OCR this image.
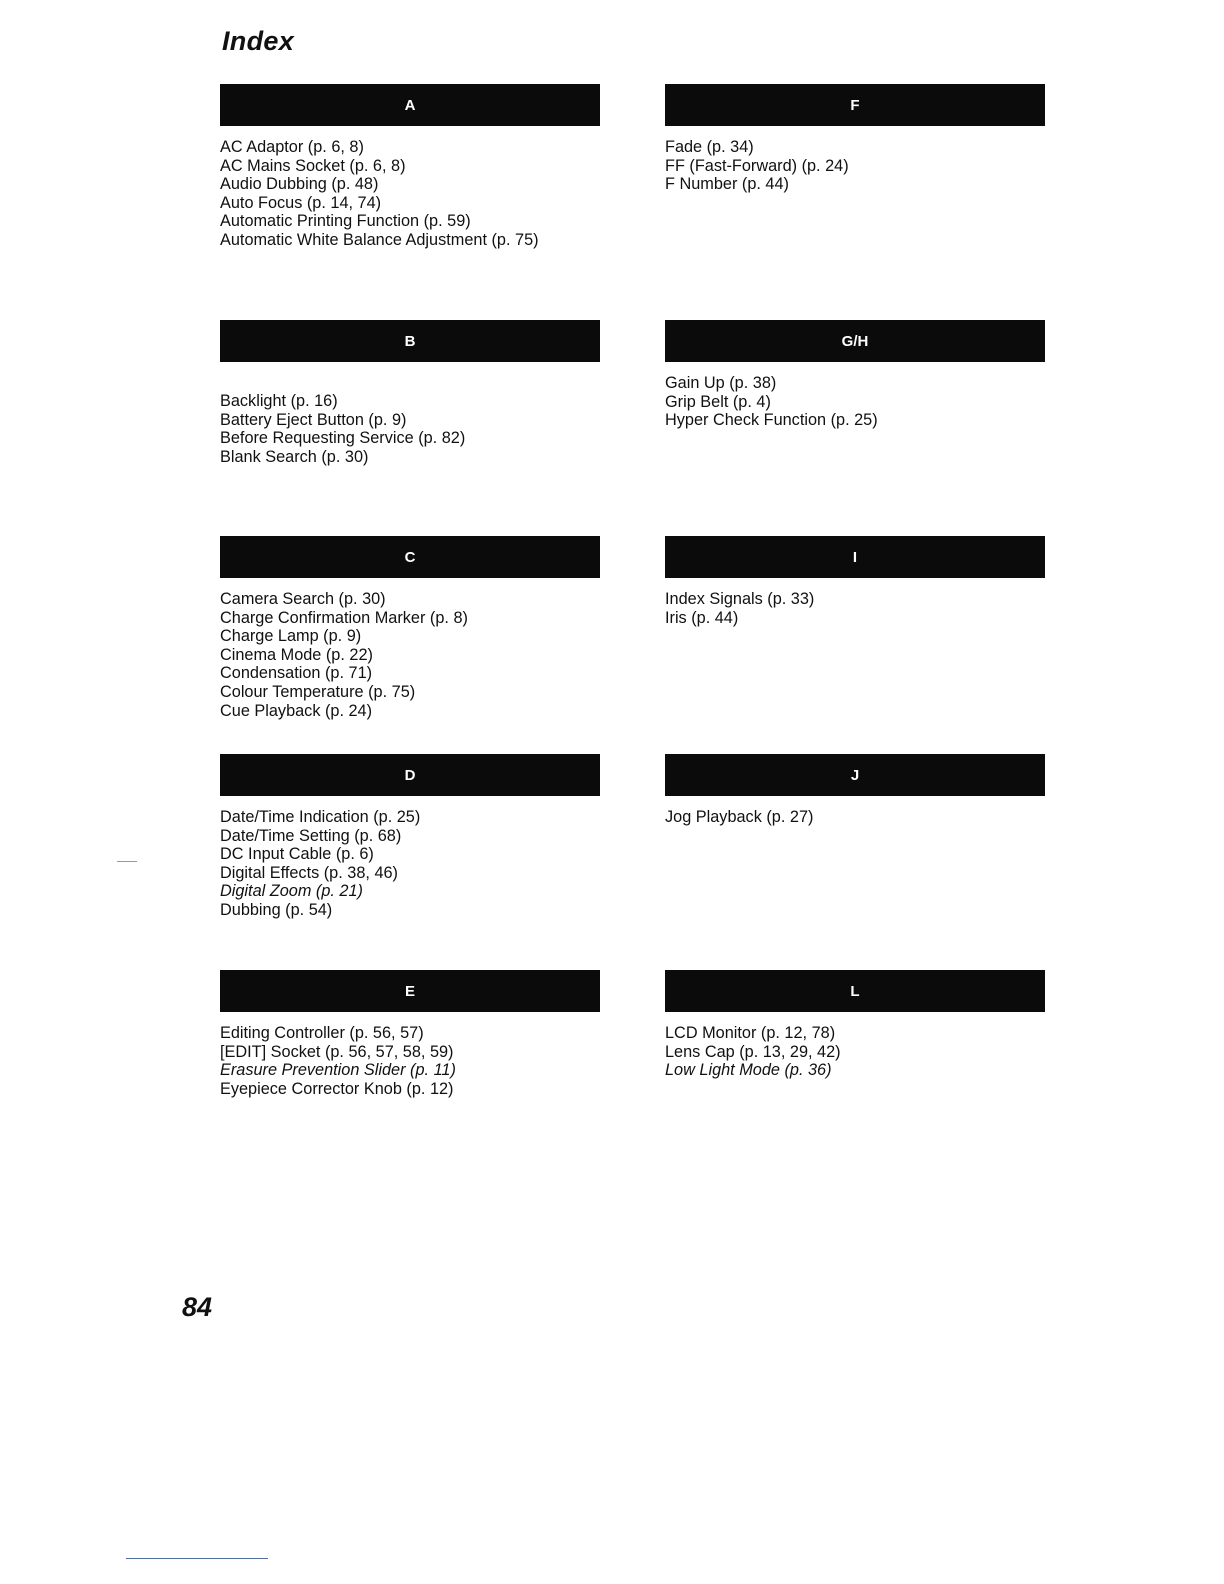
Index
A
AC Adaptor (p. 6, 8)
AC Mains Socket (p. 6, 8)
Audio Dubbing (p. 48)
Auto Focus (p. 14, 74)
Automatic Printing Function (p. 59)
Automatic White Balance Adjustment (p. 75)
F
Fade (p. 34)
FF (Fast-Forward) (p. 24)
F Number (p. 44)
B
Backlight (p. 16)
Battery Eject Button (p. 9)
Before Requesting Service (p. 82)
Blank Search (p. 30)
G/H
Gain Up (p. 38)
Grip Belt (p. 4)
Hyper Check Function (p. 25)
C
Camera Search (p. 30)
Charge Confirmation Marker (p. 8)
Charge Lamp (p. 9)
Cinema Mode (p. 22)
Condensation (p. 71)
Colour Temperature (p. 75)
Cue Playback (p. 24)
I
Index Signals (p. 33)
Iris (p. 44)
D
Date/Time Indication (p. 25)
Date/Time Setting (p. 68)
DC Input Cable (p. 6)
Digital Effects (p. 38, 46)
Digital Zoom (p. 21)
Dubbing (p. 54)
J
Jog Playback (p. 27)
E
Editing Controller (p. 56, 57)
[EDIT] Socket (p. 56, 57, 58, 59)
Erasure Prevention Slider (p. 11)
Eyepiece Corrector Knob (p. 12)
L
LCD Monitor (p. 12, 78)
Lens Cap (p. 13, 29, 42)
Low Light Mode (p. 36)

84
